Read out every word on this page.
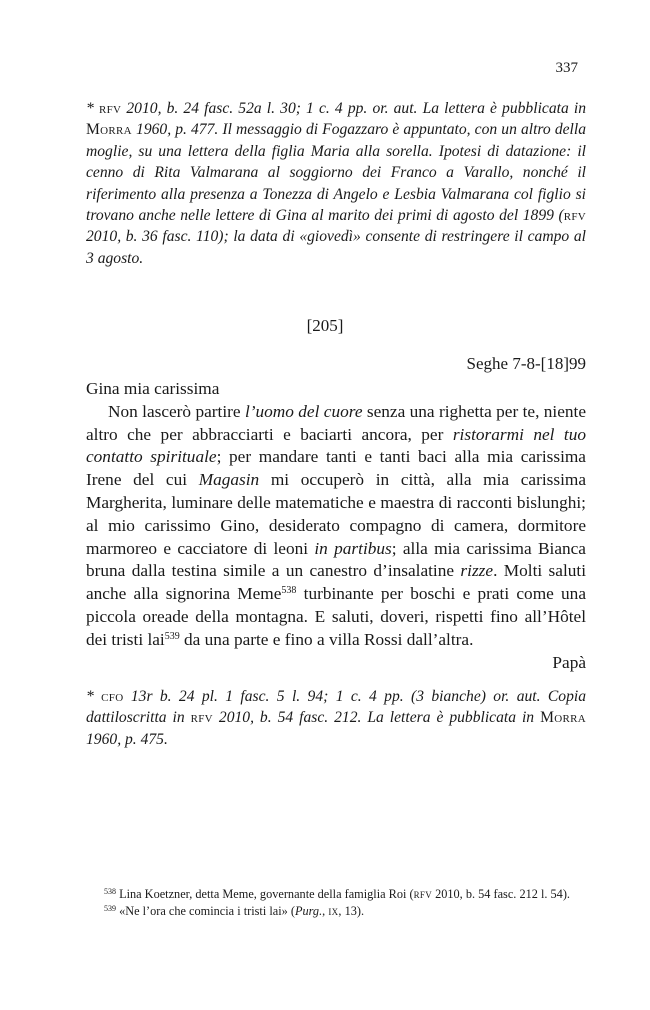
337
* rfv 2010, b. 24 fasc. 52a l. 30; 1 c. 4 pp. or. aut. La lettera è pubblicata in Morra 1960, p. 477. Il messaggio di Fogazzaro è appuntato, con un altro della moglie, su una lettera della figlia Maria alla sorella. Ipotesi di datazione: il cenno di Rita Valmarana al soggiorno dei Franco a Varallo, nonché il riferimento alla presenza a Tonezza di Angelo e Lesbia Valmarana col figlio si trovano anche nelle lettere di Gina al marito dei primi di agosto del 1899 (rfv 2010, b. 36 fasc. 110); la data di «giovedì» consente di restringere il campo al 3 agosto.
[205]
Seghe 7-8-[18]99

Gina mia carissima

Non lascerò partire l’uomo del cuore senza una righetta per te, niente altro che per abbracciarti e baciarti ancora, per ristorarmi nel tuo contatto spirituale; per mandare tanti e tanti baci alla mia carissima Irene del cui Magasin mi occuperò in città, alla mia carissima Margherita, luminare delle matematiche e maestra di racconti bislunghi; al mio carissimo Gino, desiderato compagno di camera, dormitore marmoreo e cacciatore di leoni in partibus; alla mia carissima Bianca bruna dalla testina simile a un canestro d’insalatine rizze. Molti saluti anche alla signorina Meme$^{538}$ turbinante per boschi e prati come una piccola oreade della montagna. E saluti, doveri, rispetti fino all’Hôtel dei tristi lai$^{539}$ da una parte e fino a villa Rossi dall’altra.

Papà

* cfo 13r b. 24 pl. 1 fasc. 5 l. 94; 1 c. 4 pp. (3 bianche) or. aut. Copia dattiloscritta in rfv 2010, b. 54 fasc. 212. La lettera è pubblicata in Morra 1960, p. 475.

$^{538}$ Lina Koetzner, detta Meme, governante della famiglia Roi (rfv 2010, b. 54 fasc. 212 l. 54).

$^{539}$ «Ne l’ora che comincia i tristi lai» (Purg., ix, 13).
